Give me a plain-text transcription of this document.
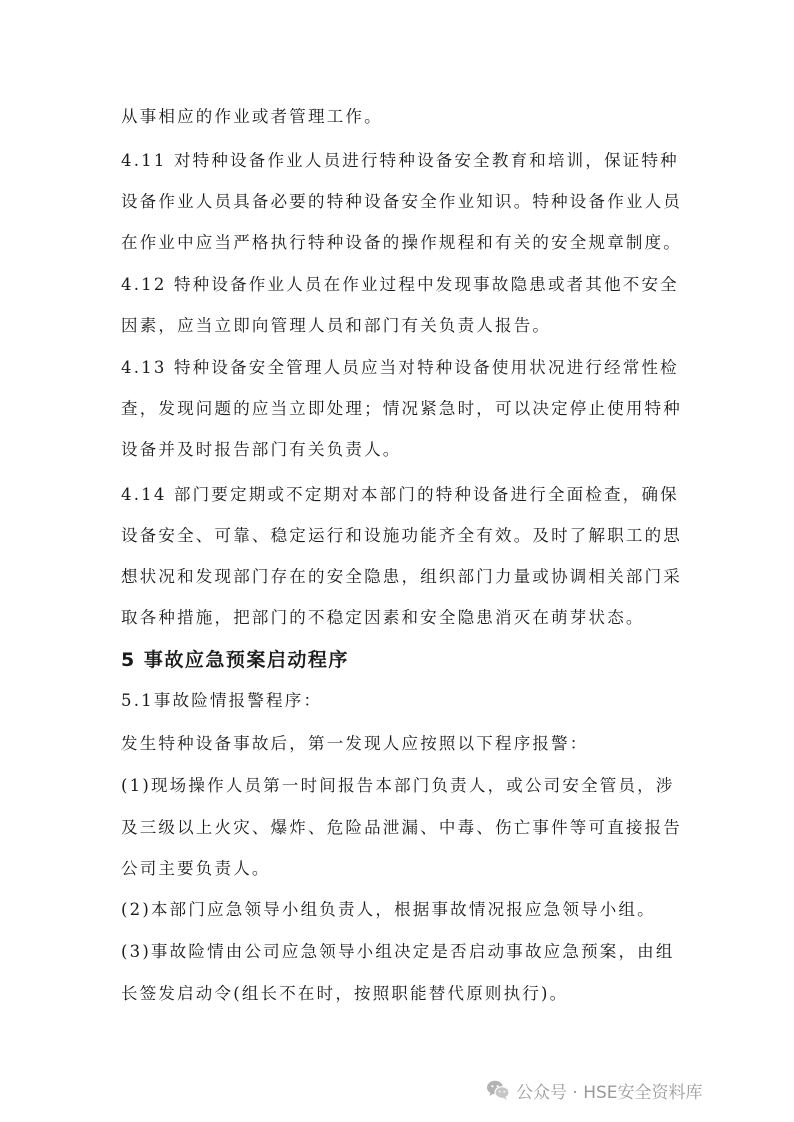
从事相应的作业或者管理工作。
4.11 对特种设备作业人员进行特种设备安全教育和培训，保证特种
设备作业人员具备必要的特种设备安全作业知识。特种设备作业人员
在作业中应当严格执行特种设备的操作规程和有关的安全规章制度。
4.12 特种设备作业人员在作业过程中发现事故隐患或者其他不安全
因素，应当立即向管理人员和部门有关负责人报告。
4.13 特种设备安全管理人员应当对特种设备使用状况进行经常性检
查，发现问题的应当立即处理；情况紧急时，可以决定停止使用特种
设备并及时报告部门有关负责人。
4.14 部门要定期或不定期对本部门的特种设备进行全面检查，确保
设备安全、可靠、稳定运行和设施功能齐全有效。及时了解职工的思
想状况和发现部门存在的安全隐患，组织部门力量或协调相关部门采
取各种措施，把部门的不稳定因素和安全隐患消灭在萌芽状态。
5 事故应急预案启动程序
5.1事故险情报警程序：
发生特种设备事故后，第一发现人应按照以下程序报警：
(1)现场操作人员第一时间报告本部门负责人，或公司安全管员，涉
及三级以上火灾、爆炸、危险品泄漏、中毒、伤亡事件等可直接报告
公司主要负责人。
(2)本部门应急领导小组负责人，根据事故情况报应急领导小组。
(3)事故险情由公司应急领导小组决定是否启动事故应急预案，由组
长签发启动令(组长不在时，按照职能替代原则执行)。
公众号 · HSE安全资料库
